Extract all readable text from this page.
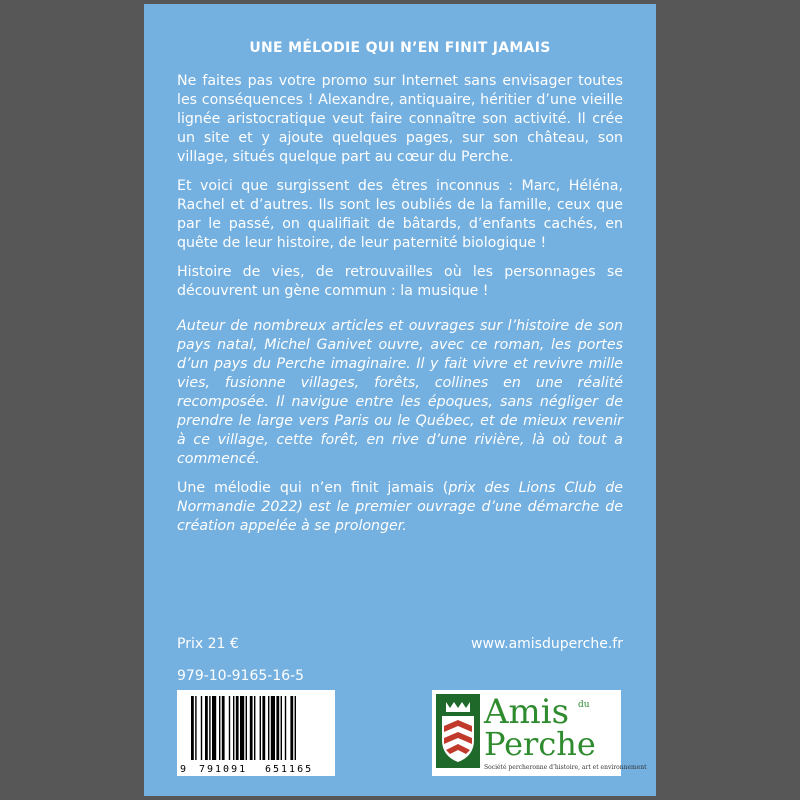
UNE MÉLODIE QUI N’EN FINIT JAMAIS

Ne faites pas votre promo sur Internet sans envisager toutes les conséquences ! Alexandre, antiquaire, héritier d’une vieille lignée aristocratique veut faire connaître son activité. Il crée un site et y ajoute quelques pages, sur son château, son village, situés quelque part au cœur du Perche.

Et voici que surgissent des êtres inconnus : Marc, Héléna, Rachel et d’autres. Ils sont les oubliés de la famille, ceux que par le passé, on qualifiait de bâtards, d’enfants cachés, en quête de leur histoire, de leur paternité biologique !

Histoire de vies, de retrouvailles où les personnages se découvrent un gène commun : la musique !

Auteur de nombreux articles et ouvrages sur l’histoire de son pays natal, Michel Ganivet ouvre, avec ce roman, les portes d’un pays du Perche imaginaire. Il y fait vivre et revivre mille vies, fusionne villages, forêts, collines en une réalité recomposée. Il navigue entre les époques, sans négliger de prendre le large vers Paris ou le Québec, et de mieux revenir à ce village, cette forêt, en rive d’une rivière, là où tout a commencé.

Une mélodie qui n’en finit jamais (prix des Lions Club de Normandie 2022) est le premier ouvrage d’une démarche de création appelée à se prolonger.

Prix 21 €	www.amisduperche.fr
979-10-9165-16-5
9 791091 651165
Amis du
Perche
Société percheronne d’histoire, art et environnement
